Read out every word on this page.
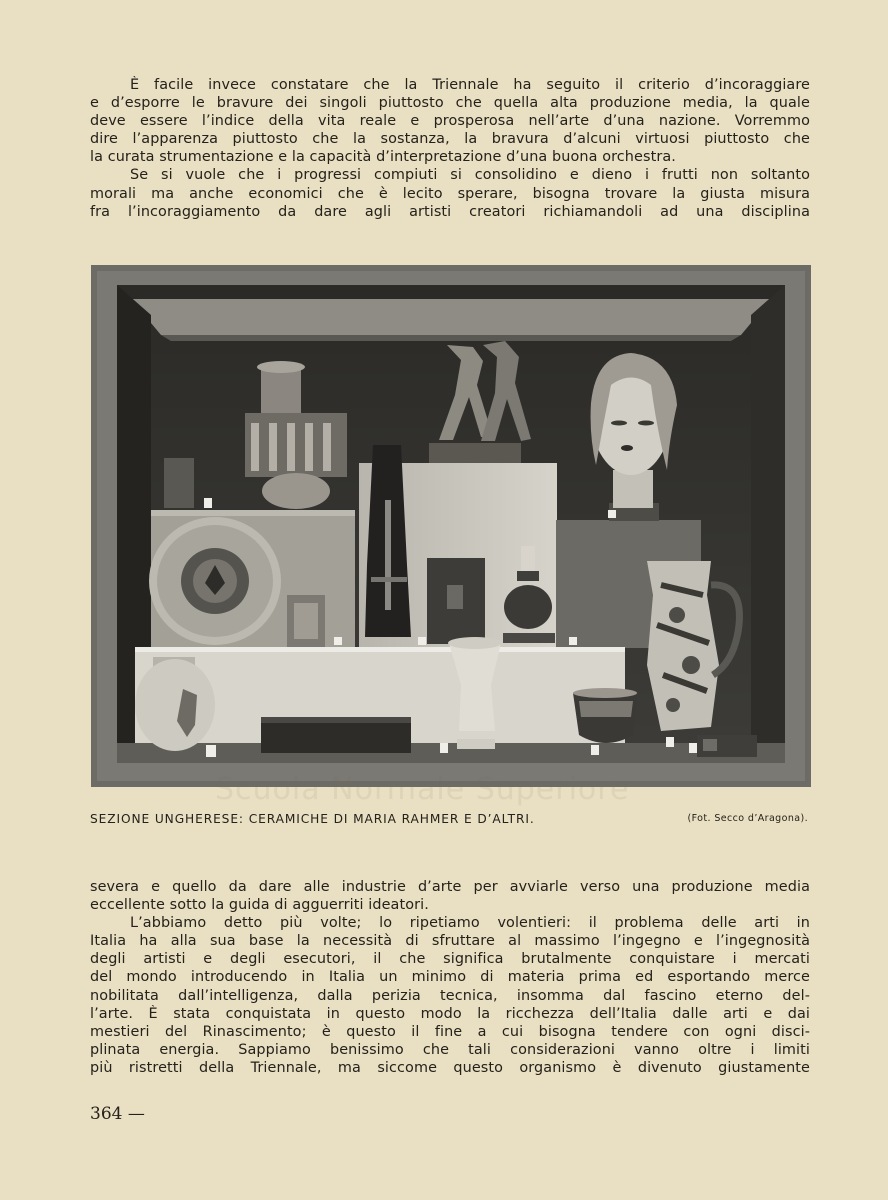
È facile invece constatare che la Triennale ha seguito il criterio d’incoraggiare
e d’esporre le bravure dei singoli piuttosto che quella alta produzione media, la quale
deve essere l’indice della vita reale e prosperosa nell’arte d’una nazione. Vorremmo
dire l’apparenza piuttosto che la sostanza, la bravura d’alcuni virtuosi piuttosto che
la curata strumentazione e la capacità d’interpretazione d’una buona orchestra.
Se si vuole che i progressi compiuti si consolidino e dieno i frutti non soltanto
morali ma anche economici che è lecito sperare, bisogna trovare la giusta misura
fra l’incoraggiamento da dare agli artisti creatori richiamandoli ad una disciplina
Scuola Normale Superiore
SEZIONE UNGHERESE: CERAMICHE DI MARIA RAHMER E D’ALTRI.	(Fot. Secco d’Aragona).
severa e quello da dare alle industrie d’arte per avviarle verso una produzione media
eccellente sotto la guida di agguerriti ideatori.
L’abbiamo detto più volte; lo ripetiamo volentieri: il problema delle arti in
Italia ha alla sua base la necessità di sfruttare al massimo l’ingegno e l’ingegnosità
degli artisti e degli esecutori, il che significa brutalmente conquistare i mercati
del mondo introducendo in Italia un minimo di materia prima ed esportando merce
nobilitata dall’intelligenza, dalla perizia tecnica, insomma dal fascino eterno del-
l’arte. È stata conquistata in questo modo la ricchezza dell’Italia dalle arti e dai
mestieri del Rinascimento; è questo il fine a cui bisogna tendere con ogni disci-
plinata energia. Sappiamo benissimo che tali considerazioni vanno oltre i limiti
più ristretti della Triennale, ma siccome questo organismo è divenuto giustamente
364 —
